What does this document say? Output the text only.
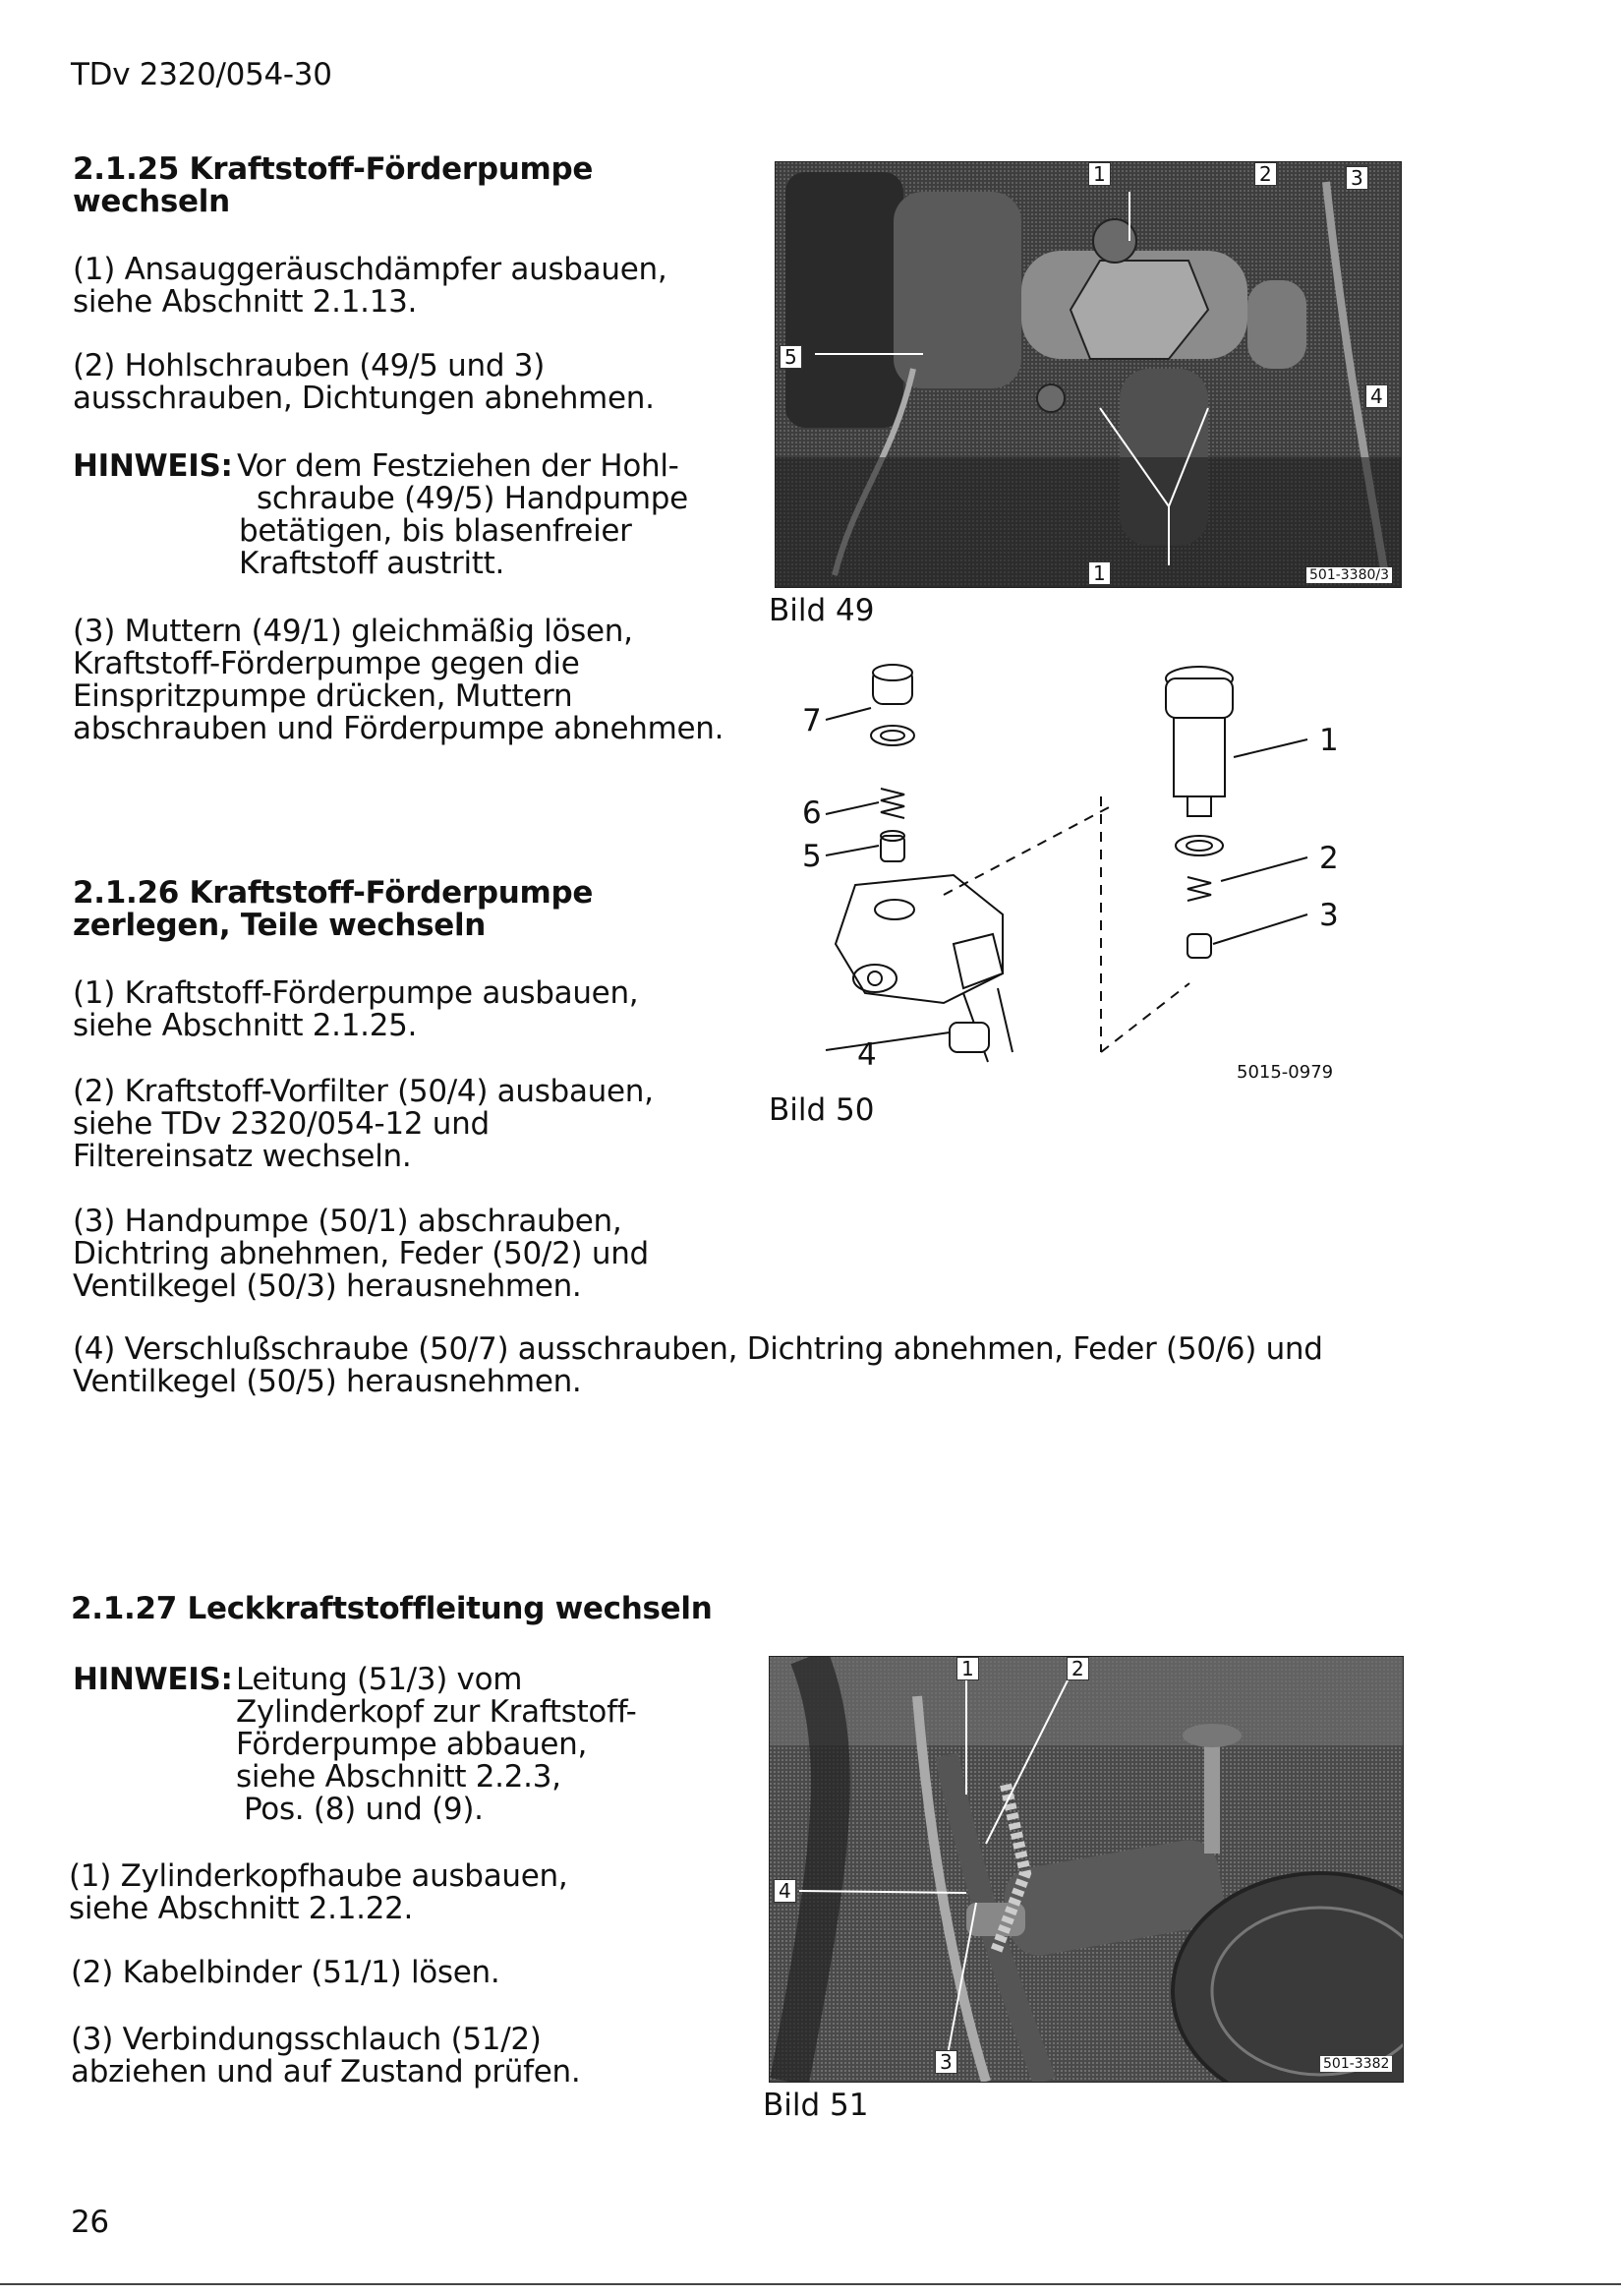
TDv 2320/054-30
2.1.25 Kraftstoff-Förderpumpe
wechseln
(1) Ansauggeräuschdämpfer ausbauen,
siehe Abschnitt 2.1.13.
(2) Hohlschrauben (49/5 und 3)
ausschrauben, Dichtungen abnehmen.
HINWEIS: Vor dem Festziehen der Hohl-
schraube (49/5) Handpumpe
betätigen, bis blasenfreier
Kraftstoff austritt.
(3) Muttern (49/1) gleichmäßig lösen,
Kraftstoff-Förderpumpe gegen die
Einspritzpumpe drücken, Muttern
abschrauben und Förderpumpe abnehmen.
1	2	3
4
5
1	501-3380/3
Bild 49
2.1.26 Kraftstoff-Förderpumpe
zerlegen, Teile wechseln
(1) Kraftstoff-Förderpumpe ausbauen,
siehe Abschnitt 2.1.25.
(2) Kraftstoff-Vorfilter (50/4) ausbauen,
siehe TDv 2320/054-12 und
Filtereinsatz wechseln.
(3) Handpumpe (50/1) abschrauben,
Dichtring abnehmen, Feder (50/2) und
Ventilkegel (50/3) herausnehmen.
(4) Verschlußschraube (50/7) ausschrauben, Dichtring abnehmen, Feder (50/6) und
Ventilkegel (50/5) herausnehmen.
7
6
5
4
1
2
3
5015-0979
Bild 50
2.1.27 Leckkraftstoffleitung wechseln
HINWEIS: Leitung (51/3) vom
Zylinderkopf zur Kraftstoff-
Förderpumpe abbauen,
siehe Abschnitt 2.2.3,
Pos. (8) und (9).
(1) Zylinderkopfhaube ausbauen,
siehe Abschnitt 2.1.22.
(2) Kabelbinder (51/1) lösen.
(3) Verbindungsschlauch (51/2)
abziehen und auf Zustand prüfen.
1	2
4
3	501-3382
Bild 51
26
